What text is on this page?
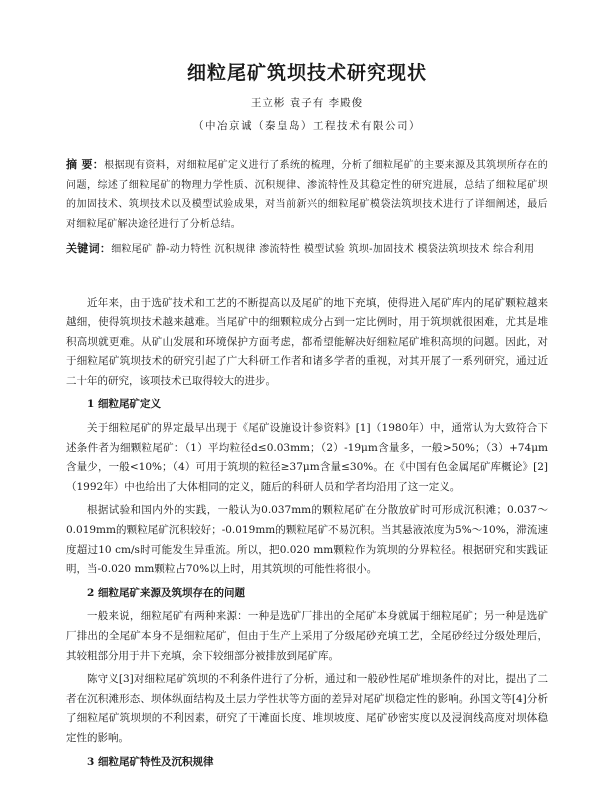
细粒尾矿筑坝技术研究现状
王立彬 袁子有 李殿俊
（中冶京诚（秦皇岛）工程技术有限公司）

摘 要：根据现有资料，对细粒尾矿定义进行了系统的梳理，分析了细粒尾矿的主要来源及其筑坝所存在的问题，综述了细粒尾矿的物理力学性质、沉积规律、渗流特性及其稳定性的研究进展，总结了细粒尾矿坝的加固技术、筑坝技术以及模型试验成果，对当前新兴的细粒尾矿模袋法筑坝技术进行了详细阐述，最后对细粒尾矿解决途径进行了分析总结。

关键词：细粒尾矿 静-动力特性 沉积规律 渗流特性 模型试验 筑坝-加固技术 模袋法筑坝技术 综合利用

近年来，由于选矿技术和工艺的不断提高以及尾矿的地下充填，使得进入尾矿库内的尾矿颗粒越来越细，使得筑坝技术越来越难。当尾矿中的细颗粒成分占到一定比例时，用于筑坝就很困难，尤其是堆积高坝就更难。从矿山发展和环境保护方面考虑，都希望能解决好细粒尾矿堆积高坝的问题。因此，对于细粒尾矿筑坝技术的研究引起了广大科研工作者和诸多学者的重视，对其开展了一系列研究，通过近二十年的研究，该项技术已取得较大的进步。

1 细粒尾矿定义

关于细粒尾矿的界定最早出现于《尾矿设施设计参资料》[1]（1980年）中，通常认为大致符合下述条件者为细颗粒尾矿：（1）平均粒径d≤0.03mm；（2）-19μm含量多，一般>50%；（3）+74μm含量少，一般<10%；（4）可用于筑坝的粒径≥37μm含量≤30%。在《中国有色金属尾矿库概论》[2]（1992年）中也给出了大体相同的定义，随后的科研人员和学者均沿用了这一定义。

根据试验和国内外的实践，一般认为0.037mm的颗粒尾矿在分散放矿时可形成沉积滩；0.037～0.019mm的颗粒尾矿沉积较好；-0.019mm的颗粒尾矿不易沉积。当其悬液浓度为5%～10%，滞流速度超过10 cm/s时可能发生异重流。所以，把0.020 mm颗粒作为筑坝的分界粒径。根据研究和实践证明，当-0.020 mm颗粒占70%以上时，用其筑坝的可能性将很小。

2 细粒尾矿来源及筑坝存在的问题

一般来说，细粒尾矿有两种来源：一种是选矿厂排出的全尾矿本身就属于细粒尾矿；另一种是选矿厂排出的全尾矿本身不是细粒尾矿，但由于生产上采用了分级尾砂充填工艺，全尾砂经过分级处理后，其较粗部分用于井下充填，余下较细部分被排放到尾矿库。

陈守义[3]对细粒尾矿筑坝的不利条件进行了分析，通过和一般砂性尾矿堆坝条件的对比，提出了二者在沉积滩形态、坝体纵面结构及土层力学性状等方面的差异对尾矿坝稳定性的影响。孙国文等[4]分析了细粒尾矿筑坝坝的不利因素，研究了干滩面长度、堆坝坡度、尾矿砂密实度以及浸润线高度对坝体稳定性的影响。

3 细粒尾矿特性及沉积规律
